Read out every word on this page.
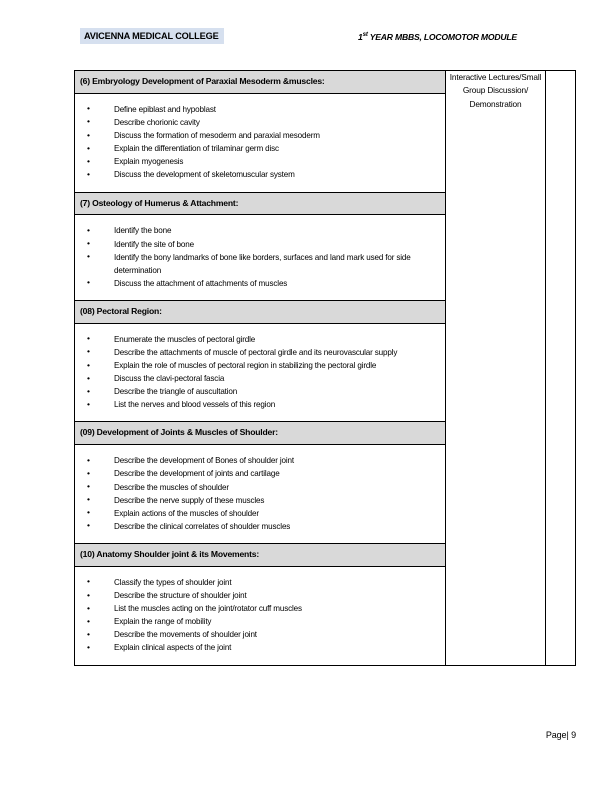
AVICENNA MEDICAL COLLEGE	1st YEAR MBBS, LOCOMOTOR MODULE
(6) Embryology Development of Paraxial Mesoderm &muscles:
• Define epiblast and hypoblast
• Describe chorionic cavity
• Discuss the formation of mesoderm and paraxial mesoderm
• Explain the differentiation of trilaminar germ disc
• Explain myogenesis
• Discuss the development of skeletomuscular system
	Interactive Lectures/Small Group Discussion/ Demonstration	

(7) Osteology of Humerus & Attachment:
• Identify the bone
• Identify the site of bone
• Identify the bony landmarks of bone like borders, surfaces and land mark used for side determination
• Discuss the attachment of attachments of muscles

(08) Pectoral Region:
• Enumerate the muscles of pectoral girdle
• Describe the attachments of muscle of pectoral girdle and its neurovascular supply
• Explain the role of muscles of pectoral region in stabilizing the pectoral girdle
• Discuss the clavi-pectoral fascia
• Describe the triangle of auscultation
• List the nerves and blood vessels of this region

(09) Development of Joints & Muscles of Shoulder:
• Describe the development of Bones of shoulder joint
• Describe the development of joints and cartilage
• Describe the muscles of shoulder
• Describe the nerve supply of these muscles
• Explain actions of the muscles of shoulder
• Describe the clinical correlates of shoulder muscles

(10) Anatomy Shoulder joint & its Movements:
• Classify the types of shoulder joint
• Describe the structure of shoulder joint
• List the muscles acting on the joint/rotator cuff muscles
• Explain the range of mobility
• Describe the movements of shoulder joint
• Explain clinical aspects of the joint
Page| 9
